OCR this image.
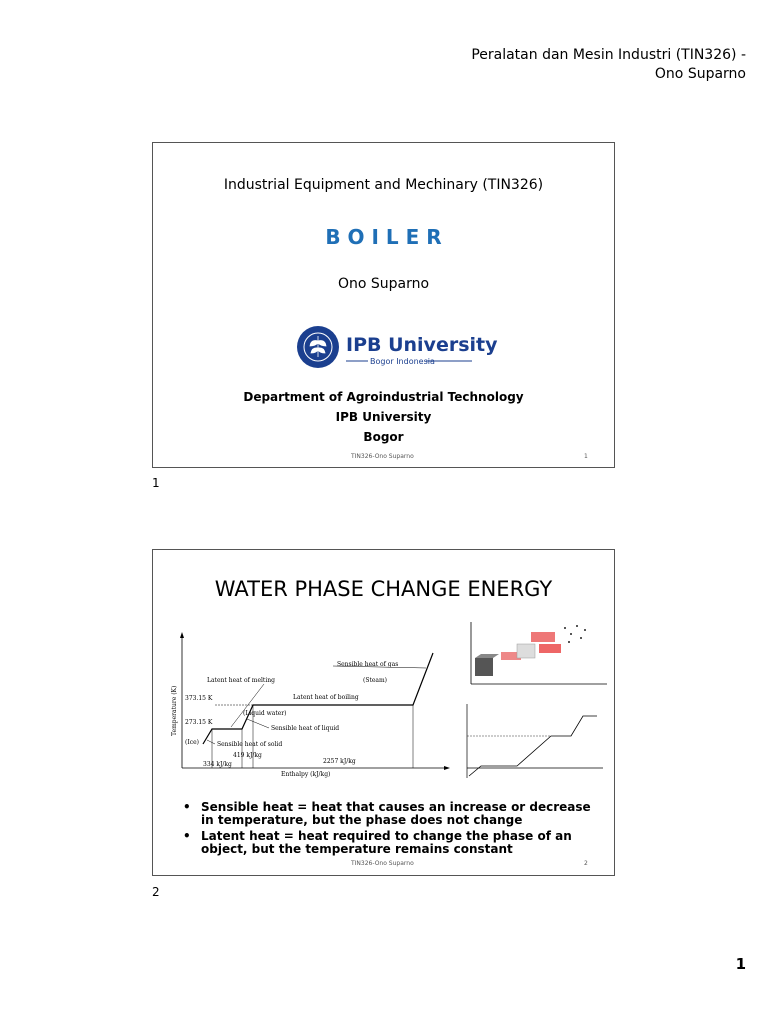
Peralatan dan Mesin Industri (TIN326) -
Ono Suparno
Industrial Equipment and Mechinary (TIN326)
B O I L E R
Ono Suparno
IPB University
Bogor Indonesia
Department of Agroindustrial Technology
IPB University
Bogor
TIN326-Ono Suparno	1
1
WATER PHASE CHANGE ENERGY
373.15 K
273.15 K
Temperature (K)
Enthalpy (kJ/kg)
Sensible heat of gas
(Steam)
Latent heat of melting
Latent heat of boiling
(Liquid water)
Sensible heat of liquid
(Ice)	Sensible heat of solid
419 kJ/kg
334 kJ/kg	2257 kJ/kg
• Sensible heat = heat that causes an increase or decrease in temperature, but the phase does not change
• Latent heat = heat required to change the phase of an object, but the temperature remains constant
TIN326-Ono Suparno	2
2
1
